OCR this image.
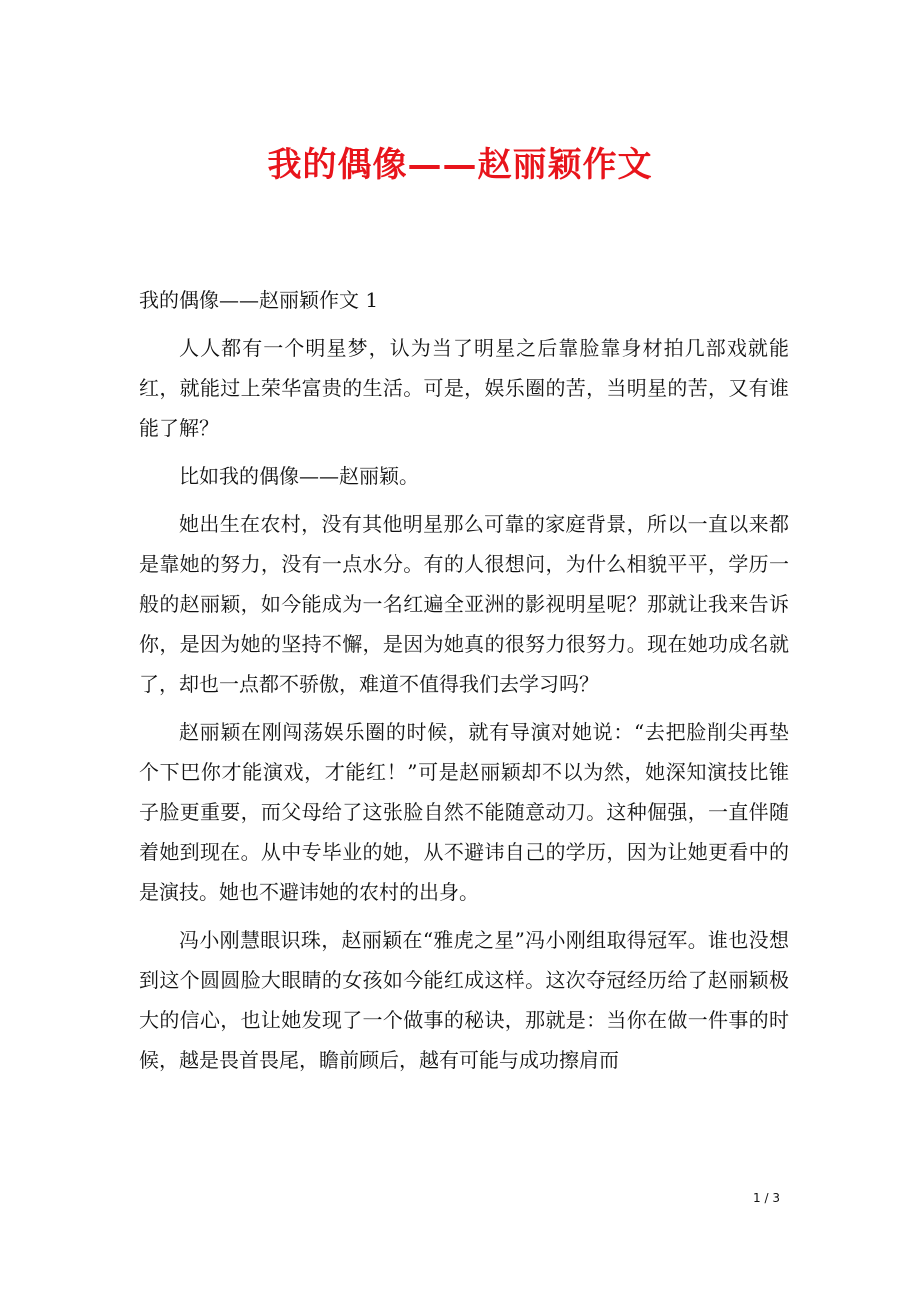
我的偶像——赵丽颖作文

我的偶像——赵丽颖作文 1

人人都有一个明星梦，认为当了明星之后靠脸靠身材拍几部戏就能红，就能过上荣华富贵的生活。可是，娱乐圈的苦，当明星的苦，又有谁能了解？

比如我的偶像——赵丽颖。

她出生在农村，没有其他明星那么可靠的家庭背景，所以一直以来都是靠她的努力，没有一点水分。有的人很想问，为什么相貌平平，学历一般的赵丽颖，如今能成为一名红遍全亚洲的影视明星呢？那就让我来告诉你，是因为她的坚持不懈，是因为她真的很努力很努力。现在她功成名就了，却也一点都不骄傲，难道不值得我们去学习吗？

赵丽颖在刚闯荡娱乐圈的时候，就有导演对她说：“去把脸削尖再垫个下巴你才能演戏，才能红！”可是赵丽颖却不以为然，她深知演技比锥子脸更重要，而父母给了这张脸自然不能随意动刀。这种倔强，一直伴随着她到现在。从中专毕业的她，从不避讳自己的学历，因为让她更看中的是演技。她也不避讳她的农村的出身。

冯小刚慧眼识珠，赵丽颖在“雅虎之星”冯小刚组取得冠军。谁也没想到这个圆圆脸大眼睛的女孩如今能红成这样。这次夺冠经历给了赵丽颖极大的信心，也让她发现了一个做事的秘诀，那就是：当你在做一件事的时候，越是畏首畏尾，瞻前顾后，越有可能与成功擦肩而

1 / 3
